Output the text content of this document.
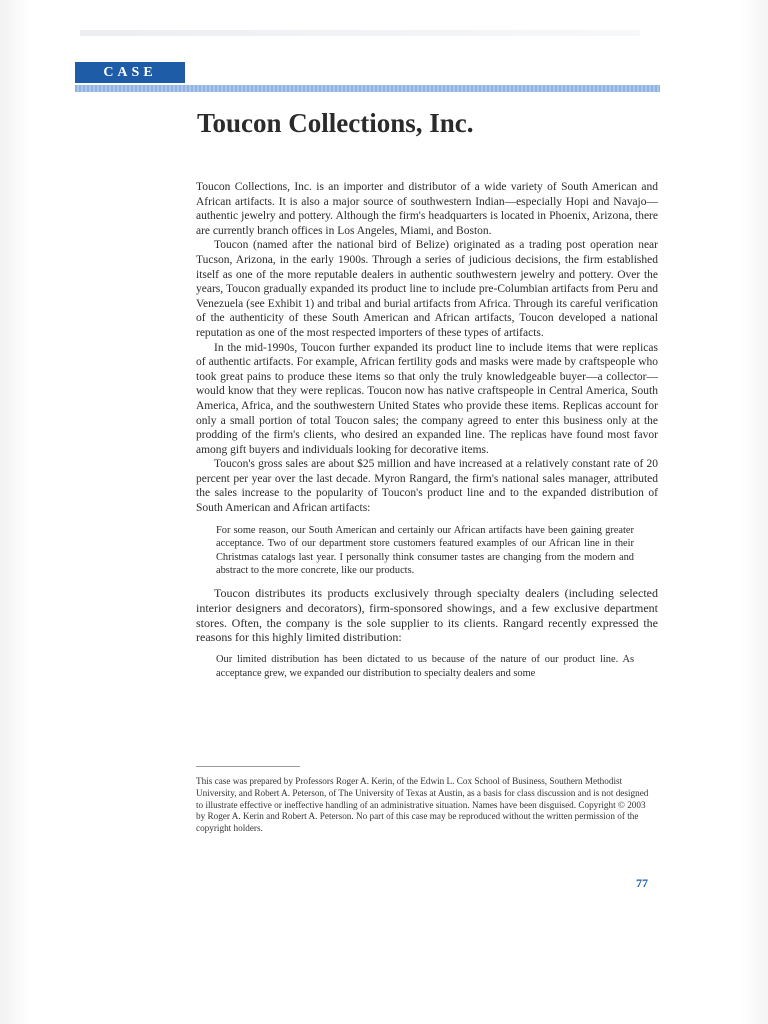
CASE
Toucon Collections, Inc.

Toucon Collections, Inc. is an importer and distributor of a wide variety of South American and African artifacts. It is also a major source of southwestern Indian—especially Hopi and Navajo—authentic jewelry and pottery. Although the firm's headquarters is located in Phoenix, Arizona, there are currently branch offices in Los Angeles, Miami, and Boston.

Toucon (named after the national bird of Belize) originated as a trading post operation near Tucson, Arizona, in the early 1900s. Through a series of judicious decisions, the firm established itself as one of the more reputable dealers in authentic southwestern jewelry and pottery. Over the years, Toucon gradually expanded its product line to include pre-Columbian artifacts from Peru and Venezuela (see Exhibit 1) and tribal and burial artifacts from Africa. Through its careful verification of the authenticity of these South American and African artifacts, Toucon developed a national reputation as one of the most respected importers of these types of artifacts.

In the mid-1990s, Toucon further expanded its product line to include items that were replicas of authentic artifacts. For example, African fertility gods and masks were made by craftspeople who took great pains to produce these items so that only the truly knowledgeable buyer—a collector—would know that they were replicas. Toucon now has native craftspeople in Central America, South America, Africa, and the southwestern United States who provide these items. Replicas account for only a small portion of total Toucon sales; the company agreed to enter this business only at the prodding of the firm's clients, who desired an expanded line. The replicas have found most favor among gift buyers and individuals looking for decorative items.

Toucon's gross sales are about $25 million and have increased at a relatively constant rate of 20 percent per year over the last decade. Myron Rangard, the firm's national sales manager, attributed the sales increase to the popularity of Toucon's product line and to the expanded distribution of South American and African artifacts:

For some reason, our South American and certainly our African artifacts have been gaining greater acceptance. Two of our department store customers featured examples of our African line in their Christmas catalogs last year. I personally think consumer tastes are changing from the modern and abstract to the more concrete, like our products.

Toucon distributes its products exclusively through specialty dealers (including selected interior designers and decorators), firm-sponsored showings, and a few exclusive department stores. Often, the company is the sole supplier to its clients. Rangard recently expressed the reasons for this highly limited distribution:

Our limited distribution has been dictated to us because of the nature of our product line. As acceptance grew, we expanded our distribution to specialty dealers and some

This case was prepared by Professors Roger A. Kerin, of the Edwin L. Cox School of Business, Southern Methodist University, and Robert A. Peterson, of The University of Texas at Austin, as a basis for class discussion and is not designed to illustrate effective or ineffective handling of an administrative situation. Names have been disguised. Copyright © 2003 by Roger A. Kerin and Robert A. Peterson. No part of this case may be reproduced without the written permission of the copyright holders.

77
